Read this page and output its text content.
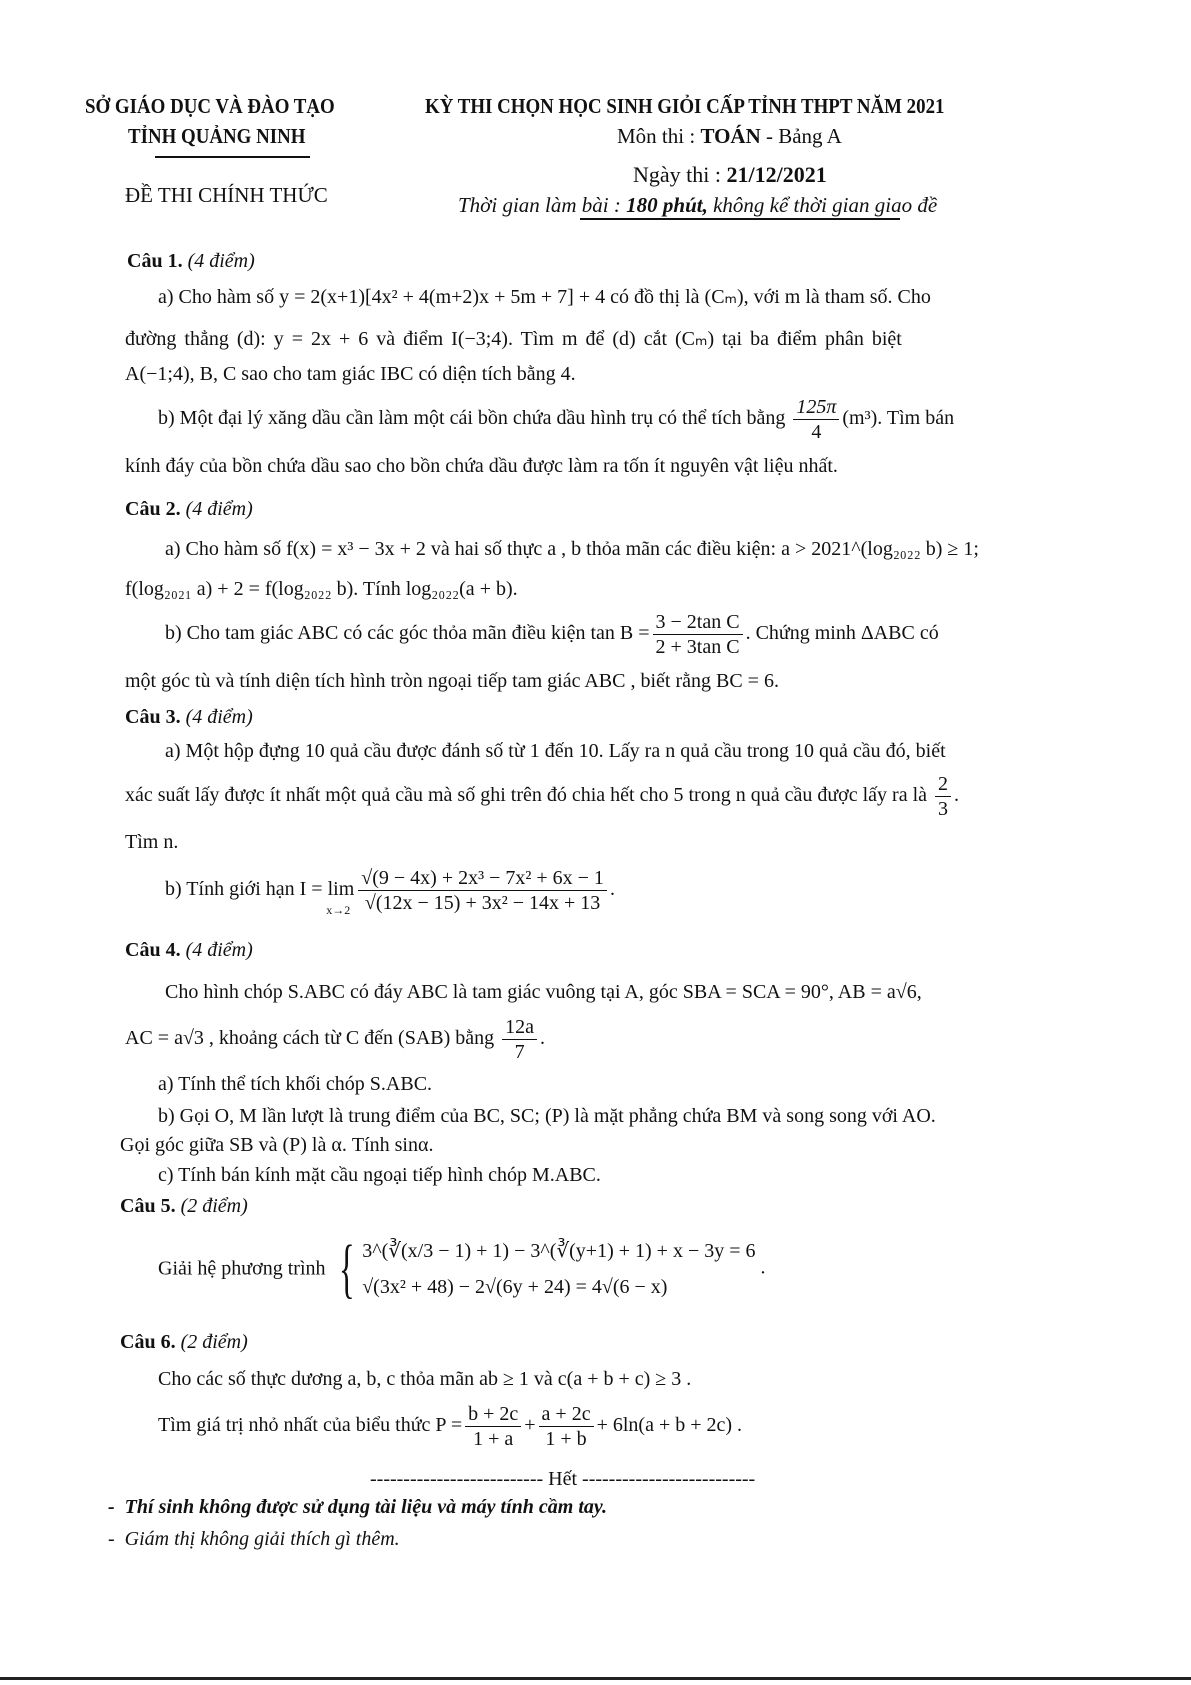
SỞ GIÁO DỤC VÀ ĐÀO TẠO	KỲ THI CHỌN HỌC SINH GIỎI CẤP TỈNH THPT NĂM 2021
TỈNH QUẢNG NINH	Môn thi : TOÁN - Bảng A
Ngày thi : 21/12/2021
ĐỀ THI CHÍNH THỨC	Thời gian làm bài : 180 phút, không kể thời gian giao đề
Câu 1. (4 điểm)
a) Cho hàm số y = 2(x+1)[4x² + 4(m+2)x + 5m + 7] + 4 có đồ thị là (Cₘ), với m là tham số. Cho
đường thẳng (d): y = 2x + 6 và điểm I(−3;4). Tìm m để (d) cắt (Cₘ) tại ba điểm phân biệt
A(−1;4), B, C sao cho tam giác IBC có diện tích bằng 4.
b) Một đại lý xăng dầu cần làm một cái bồn chứa dầu hình trụ có thể tích bằng $\frac{125\pi}{4} (m^3)$. Tìm bán
kính đáy của bồn chứa dầu sao cho bồn chứa dầu được làm ra tốn ít nguyên vật liệu nhất.
Câu 2. (4 điểm)
a) Cho hàm số f(x) = x³ − 3x + 2 và hai số thực a , b thỏa mãn các điều kiện: a > 2021^(log₂₀₂₂ b) ≥ 1;
f(log₂₀₂₁ a) + 2 = f(log₂₀₂₂ b). Tính log₂₀₂₂(a + b).
b) Cho tam giác ABC có các góc thỏa mãn điều kiện $\tan B = \frac{\text{3 − 2tan C}}{\text{2 + 3tan C}}$ . Chứng minh ΔABC có
một góc tù và tính diện tích hình tròn ngoại tiếp tam giác ABC , biết rằng BC = 6.
Câu 3. (4 điểm)
a) Một hộp đựng 10 quả cầu được đánh số từ 1 đến 10. Lấy ra n quả cầu trong 10 quả cầu đó, biết
xác suất lấy được ít nhất một quả cầu mà số ghi trên đó chia hết cho 5 trong n quả cầu được lấy ra là $\frac{2}{3}$ .
Tìm n.
b) Tính giới hạn $I = \lim_{x\to 2} \frac{\text{√(9 − 4x) + 2x³ − 7x² + 6x − 1}}{\text{√(12x − 15) + 3x² − 14x + 13}}$ .
Câu 4. (4 điểm)
Cho hình chóp S.ABC có đáy ABC là tam giác vuông tại A, góc SBA = SCA = 90°, AB = a√6,
AC = a√3 , khoảng cách từ C đến (SAB) bằng $\frac{12a}{7}$ .
a) Tính thể tích khối chóp S.ABC.
b) Gọi O, M lần lượt là trung điểm của BC, SC; (P) là mặt phẳng chứa BM và song song với AO.
Gọi góc giữa SB và (P) là α. Tính sinα.
c) Tính bán kính mặt cầu ngoại tiếp hình chóp M.ABC.
Câu 5. (2 điểm)
Giải hệ phương trình { 3^(∛(x/3 − 1) + 1) − 3^(∛(y+1) + 1) + x − 3y = 6
√(3x² + 48) − 2√(6y + 24) = 4√(6 − x)
.
Câu 6. (2 điểm)
Cho các số thực dương a, b, c thỏa mãn ab ≥ 1 và c(a + b + c) ≥ 3 .
Tìm giá trị nhỏ nhất của biểu thức $P = \frac{b + 2c}{1 + a} + \frac{a + 2c}{1 + b} + 6\ln(a + b + 2c)$ .
-------------------------- Hết --------------------------
-  Thí sinh không được sử dụng tài liệu và máy tính cầm tay.
-  Giám thị không giải thích gì thêm.
